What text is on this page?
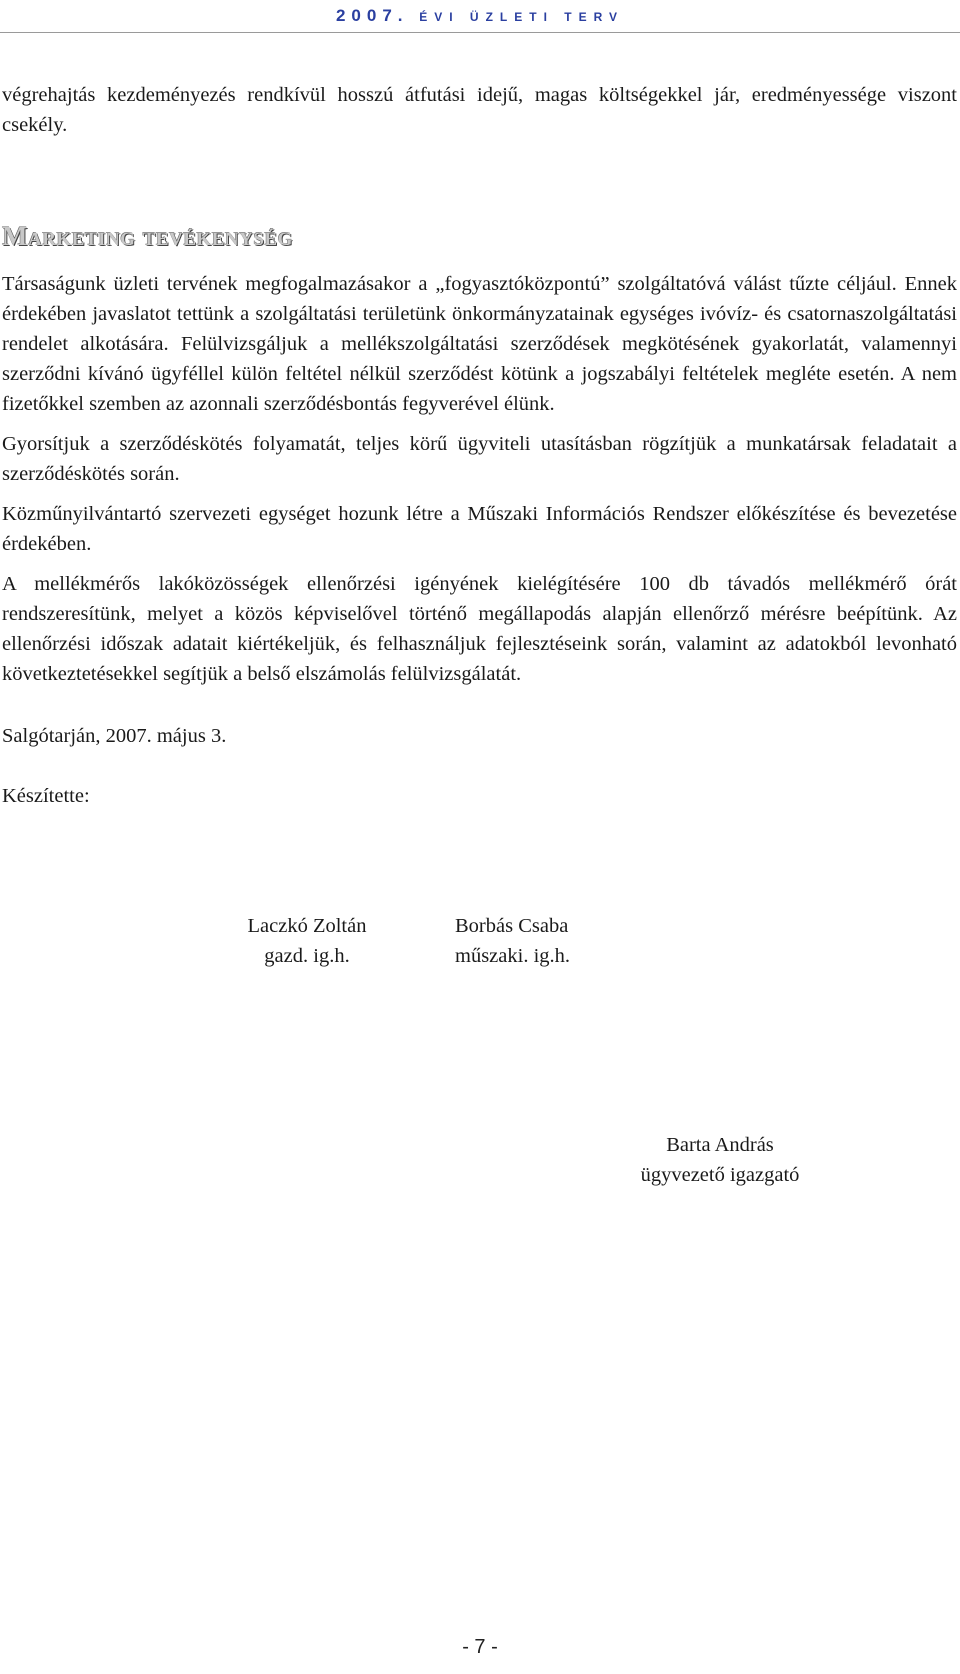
2007. ÉVI ÜZLETI TERV

végrehajtás kezdeményezés rendkívül hosszú átfutási idejű, magas költségekkel jár, eredményessége viszont csekély.

Marketing tevékenység

Társaságunk üzleti tervének megfogalmazásakor a „fogyasztóközpontú” szolgáltatóvá válást tűzte céljául. Ennek érdekében javaslatot tettünk a szolgáltatási területünk önkormányzatainak egységes ivóvíz- és csatornaszolgáltatási rendelet alkotására. Felülvizsgáljuk a mellékszolgáltatási szerződések megkötésének gyakorlatát, valamennyi szerződni kívánó ügyféllel külön feltétel nélkül szerződést kötünk a jogszabályi feltételek megléte esetén. A nem fizetőkkel szemben az azonnali szerződésbontás fegyverével élünk.

Gyorsítjuk a szerződéskötés folyamatát, teljes körű ügyviteli utasításban rögzítjük a munkatársak feladatait a szerződéskötés során.

Közműnyilvántartó szervezeti egységet hozunk létre a Műszaki Információs Rendszer előkészítése és bevezetése érdekében.

A mellékmérős lakóközösségek ellenőrzési igényének kielégítésére 100 db távadós mellékmérő órát rendszeresítünk, melyet a közös képviselővel történő megállapodás alapján ellenőrző mérésre beépítünk. Az ellenőrzési időszak adatait kiértékeljük, és felhasználjuk fejlesztéseink során, valamint az adatokból levonható következtetésekkel segítjük a belső elszámolás felülvizsgálatát.

Salgótarján, 2007. május 3.

Készítette:

Laczkó Zoltán
gazd. ig.h.
Borbás Csaba
műszaki. ig.h.
Barta András
ügyvezető igazgató
- 7 -
